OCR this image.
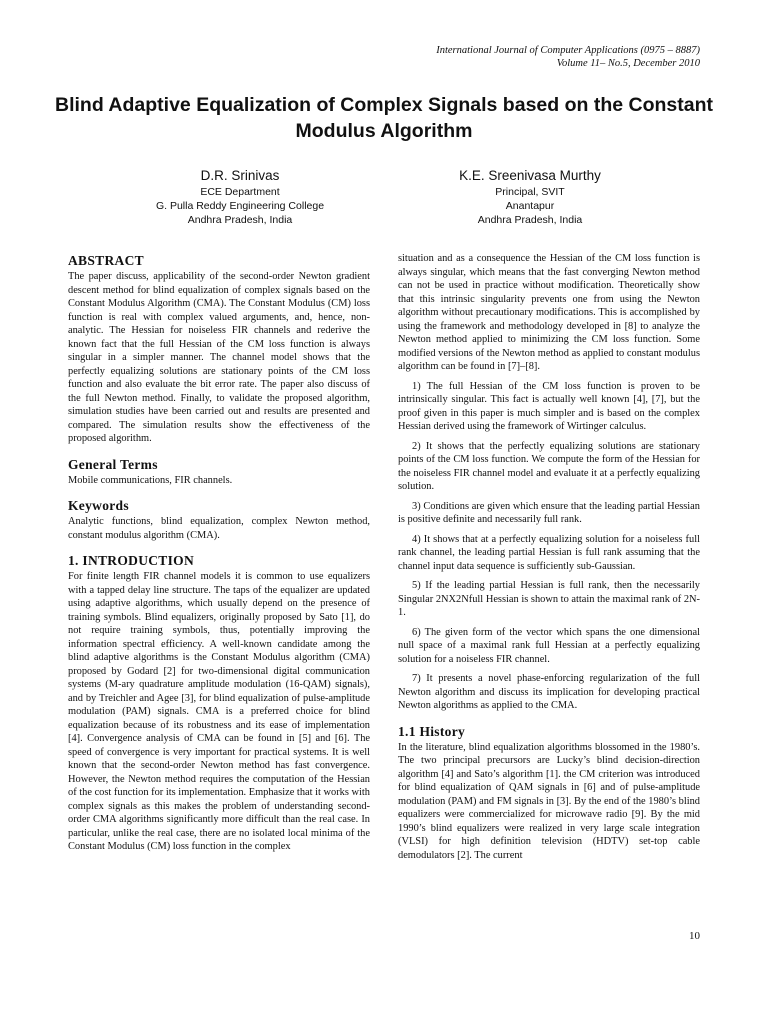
International Journal of Computer Applications (0975 – 8887)
Volume 11– No.5, December 2010
Blind Adaptive Equalization of Complex Signals based on the Constant Modulus Algorithm
D.R. Srinivas
ECE Department
G. Pulla Reddy Engineering College
Andhra Pradesh, India
K.E. Sreenivasa Murthy
Principal, SVIT
Anantapur
Andhra Pradesh, India
ABSTRACT

The paper discuss, applicability of the second-order Newton gradient descent method for blind equalization of complex signals based on the Constant Modulus Algorithm (CMA). The Constant Modulus (CM) loss function is real with complex valued arguments, and, hence, non-analytic. The Hessian for noiseless FIR channels and rederive the known fact that the full Hessian of the CM loss function is always singular in a simpler manner. The channel model shows that the perfectly equalizing solutions are stationary points of the CM loss function and also evaluate the bit error rate. The paper also discuss of the full Newton method. Finally, to validate the proposed algorithm, simulation studies have been carried out and results are presented and compared. The simulation results show the effectiveness of the proposed algorithm.

General Terms

Mobile communications, FIR channels.

Keywords

Analytic functions, blind equalization, complex Newton method, constant modulus algorithm (CMA).

1. INTRODUCTION

For finite length FIR channel models it is common to use equalizers with a tapped delay line structure. The taps of the equalizer are updated using adaptive algorithms, which usually depend on the presence of training symbols. Blind equalizers, originally proposed by Sato [1], do not require training symbols, thus, potentially improving the information spectral efficiency. A well-known candidate among the blind adaptive algorithms is the Constant Modulus algorithm (CMA) proposed by Godard [2] for two-dimensional digital communication systems (M-ary quadrature amplitude modulation (16-QAM) signals), and by Treichler and Agee [3], for blind equalization of pulse-amplitude modulation (PAM) signals. CMA is a preferred choice for blind equalization because of its robustness and its ease of implementation [4]. Convergence analysis of CMA can be found in [5] and [6]. The speed of convergence is very important for practical systems. It is well known that the second-order Newton method has fast convergence. However, the Newton method requires the computation of the Hessian of the cost function for its implementation. Emphasize that it works with complex signals as this makes the problem of understanding second-order CMA algorithms significantly more difficult than the real case. In particular, unlike the real case, there are no isolated local minima of the Constant Modulus (CM) loss function in the complex

situation and as a consequence the Hessian of the CM loss function is always singular, which means that the fast converging Newton method can not be used in practice without modification. Theoretically show that this intrinsic singularity prevents one from using the Newton algorithm without precautionary modifications. This is accomplished by using the framework and methodology developed in [8] to analyze the Newton method applied to minimizing the CM loss function. Some modified versions of the Newton method as applied to constant modulus algorithm can be found in [7]–[8].

1) The full Hessian of the CM loss function is proven to be intrinsically singular. This fact is actually well known [4], [7], but the proof given in this paper is much simpler and is based on the complex Hessian derived using the framework of Wirtinger calculus.

2) It shows that the perfectly equalizing solutions are stationary points of the CM loss function. We compute the form of the Hessian for the noiseless FIR channel model and evaluate it at a perfectly equalizing solution.

3) Conditions are given which ensure that the leading partial Hessian is positive definite and necessarily full rank.

4) It shows that at a perfectly equalizing solution for a noiseless full rank channel, the leading partial Hessian is full rank assuming that the channel input data sequence is sufficiently sub-Gaussian.

5) If the leading partial Hessian is full rank, then the necessarily Singular 2NX2Nfull Hessian is shown to attain the maximal rank of 2N-1.

6) The given form of the vector which spans the one dimensional null space of a maximal rank full Hessian at a perfectly equalizing solution for a noiseless FIR channel.

7) It presents a novel phase-enforcing regularization of the full Newton algorithm and discuss its implication for developing practical Newton algorithms as applied to the CMA.

1.1 History

In the literature, blind equalization algorithms blossomed in the 1980’s. The two principal precursors are Lucky’s blind decision-direction algorithm [4] and Sato’s algorithm [1]. the CM criterion was introduced for blind equalization of QAM signals in [6] and of pulse-amplitude modulation (PAM) and FM signals in [3]. By the end of the 1980’s blind equalizers were commercialized for microwave radio [9]. By the mid 1990’s blind equalizers were realized in very large scale integration (VLSI) for high definition television (HDTV) set-top cable demodulators [2]. The current

10
